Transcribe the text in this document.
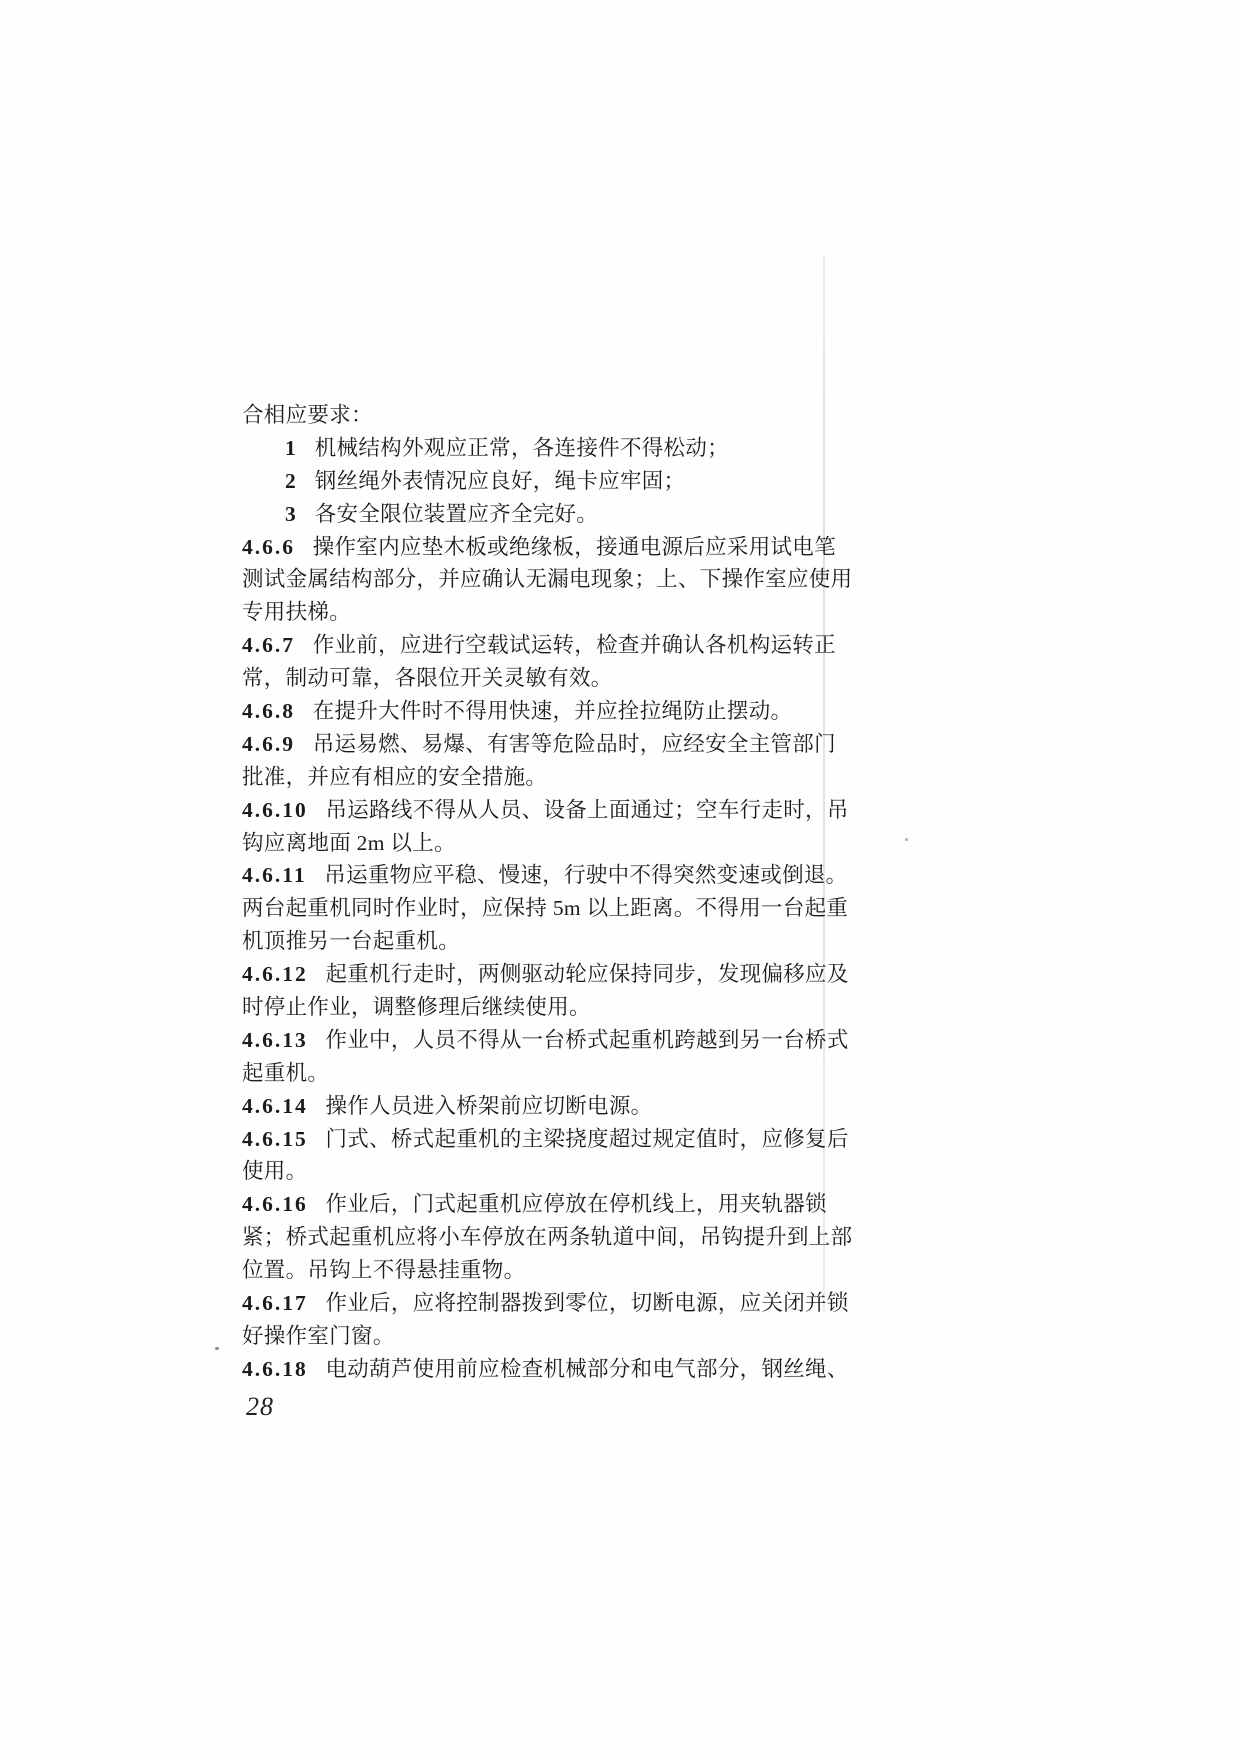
合相应要求：
1 机械结构外观应正常，各连接件不得松动；
2 钢丝绳外表情况应良好，绳卡应牢固；
3 各安全限位装置应齐全完好。
4.6.6 操作室内应垫木板或绝缘板，接通电源后应采用试电笔
测试金属结构部分，并应确认无漏电现象；上、下操作室应使用
专用扶梯。
4.6.7 作业前，应进行空载试运转，检查并确认各机构运转正
常，制动可靠，各限位开关灵敏有效。
4.6.8 在提升大件时不得用快速，并应拴拉绳防止摆动。
4.6.9 吊运易燃、易爆、有害等危险品时，应经安全主管部门
批准，并应有相应的安全措施。
4.6.10 吊运路线不得从人员、设备上面通过；空车行走时，吊
钩应离地面 2m 以上。
4.6.11 吊运重物应平稳、慢速，行驶中不得突然变速或倒退。
两台起重机同时作业时，应保持 5m 以上距离。不得用一台起重
机顶推另一台起重机。
4.6.12 起重机行走时，两侧驱动轮应保持同步，发现偏移应及
时停止作业，调整修理后继续使用。
4.6.13 作业中，人员不得从一台桥式起重机跨越到另一台桥式
起重机。
4.6.14 操作人员进入桥架前应切断电源。
4.6.15 门式、桥式起重机的主梁挠度超过规定值时，应修复后
使用。
4.6.16 作业后，门式起重机应停放在停机线上，用夹轨器锁
紧；桥式起重机应将小车停放在两条轨道中间，吊钩提升到上部
位置。吊钩上不得悬挂重物。
4.6.17 作业后，应将控制器拨到零位，切断电源，应关闭并锁
好操作室门窗。
4.6.18 电动葫芦使用前应检查机械部分和电气部分，钢丝绳、
28
